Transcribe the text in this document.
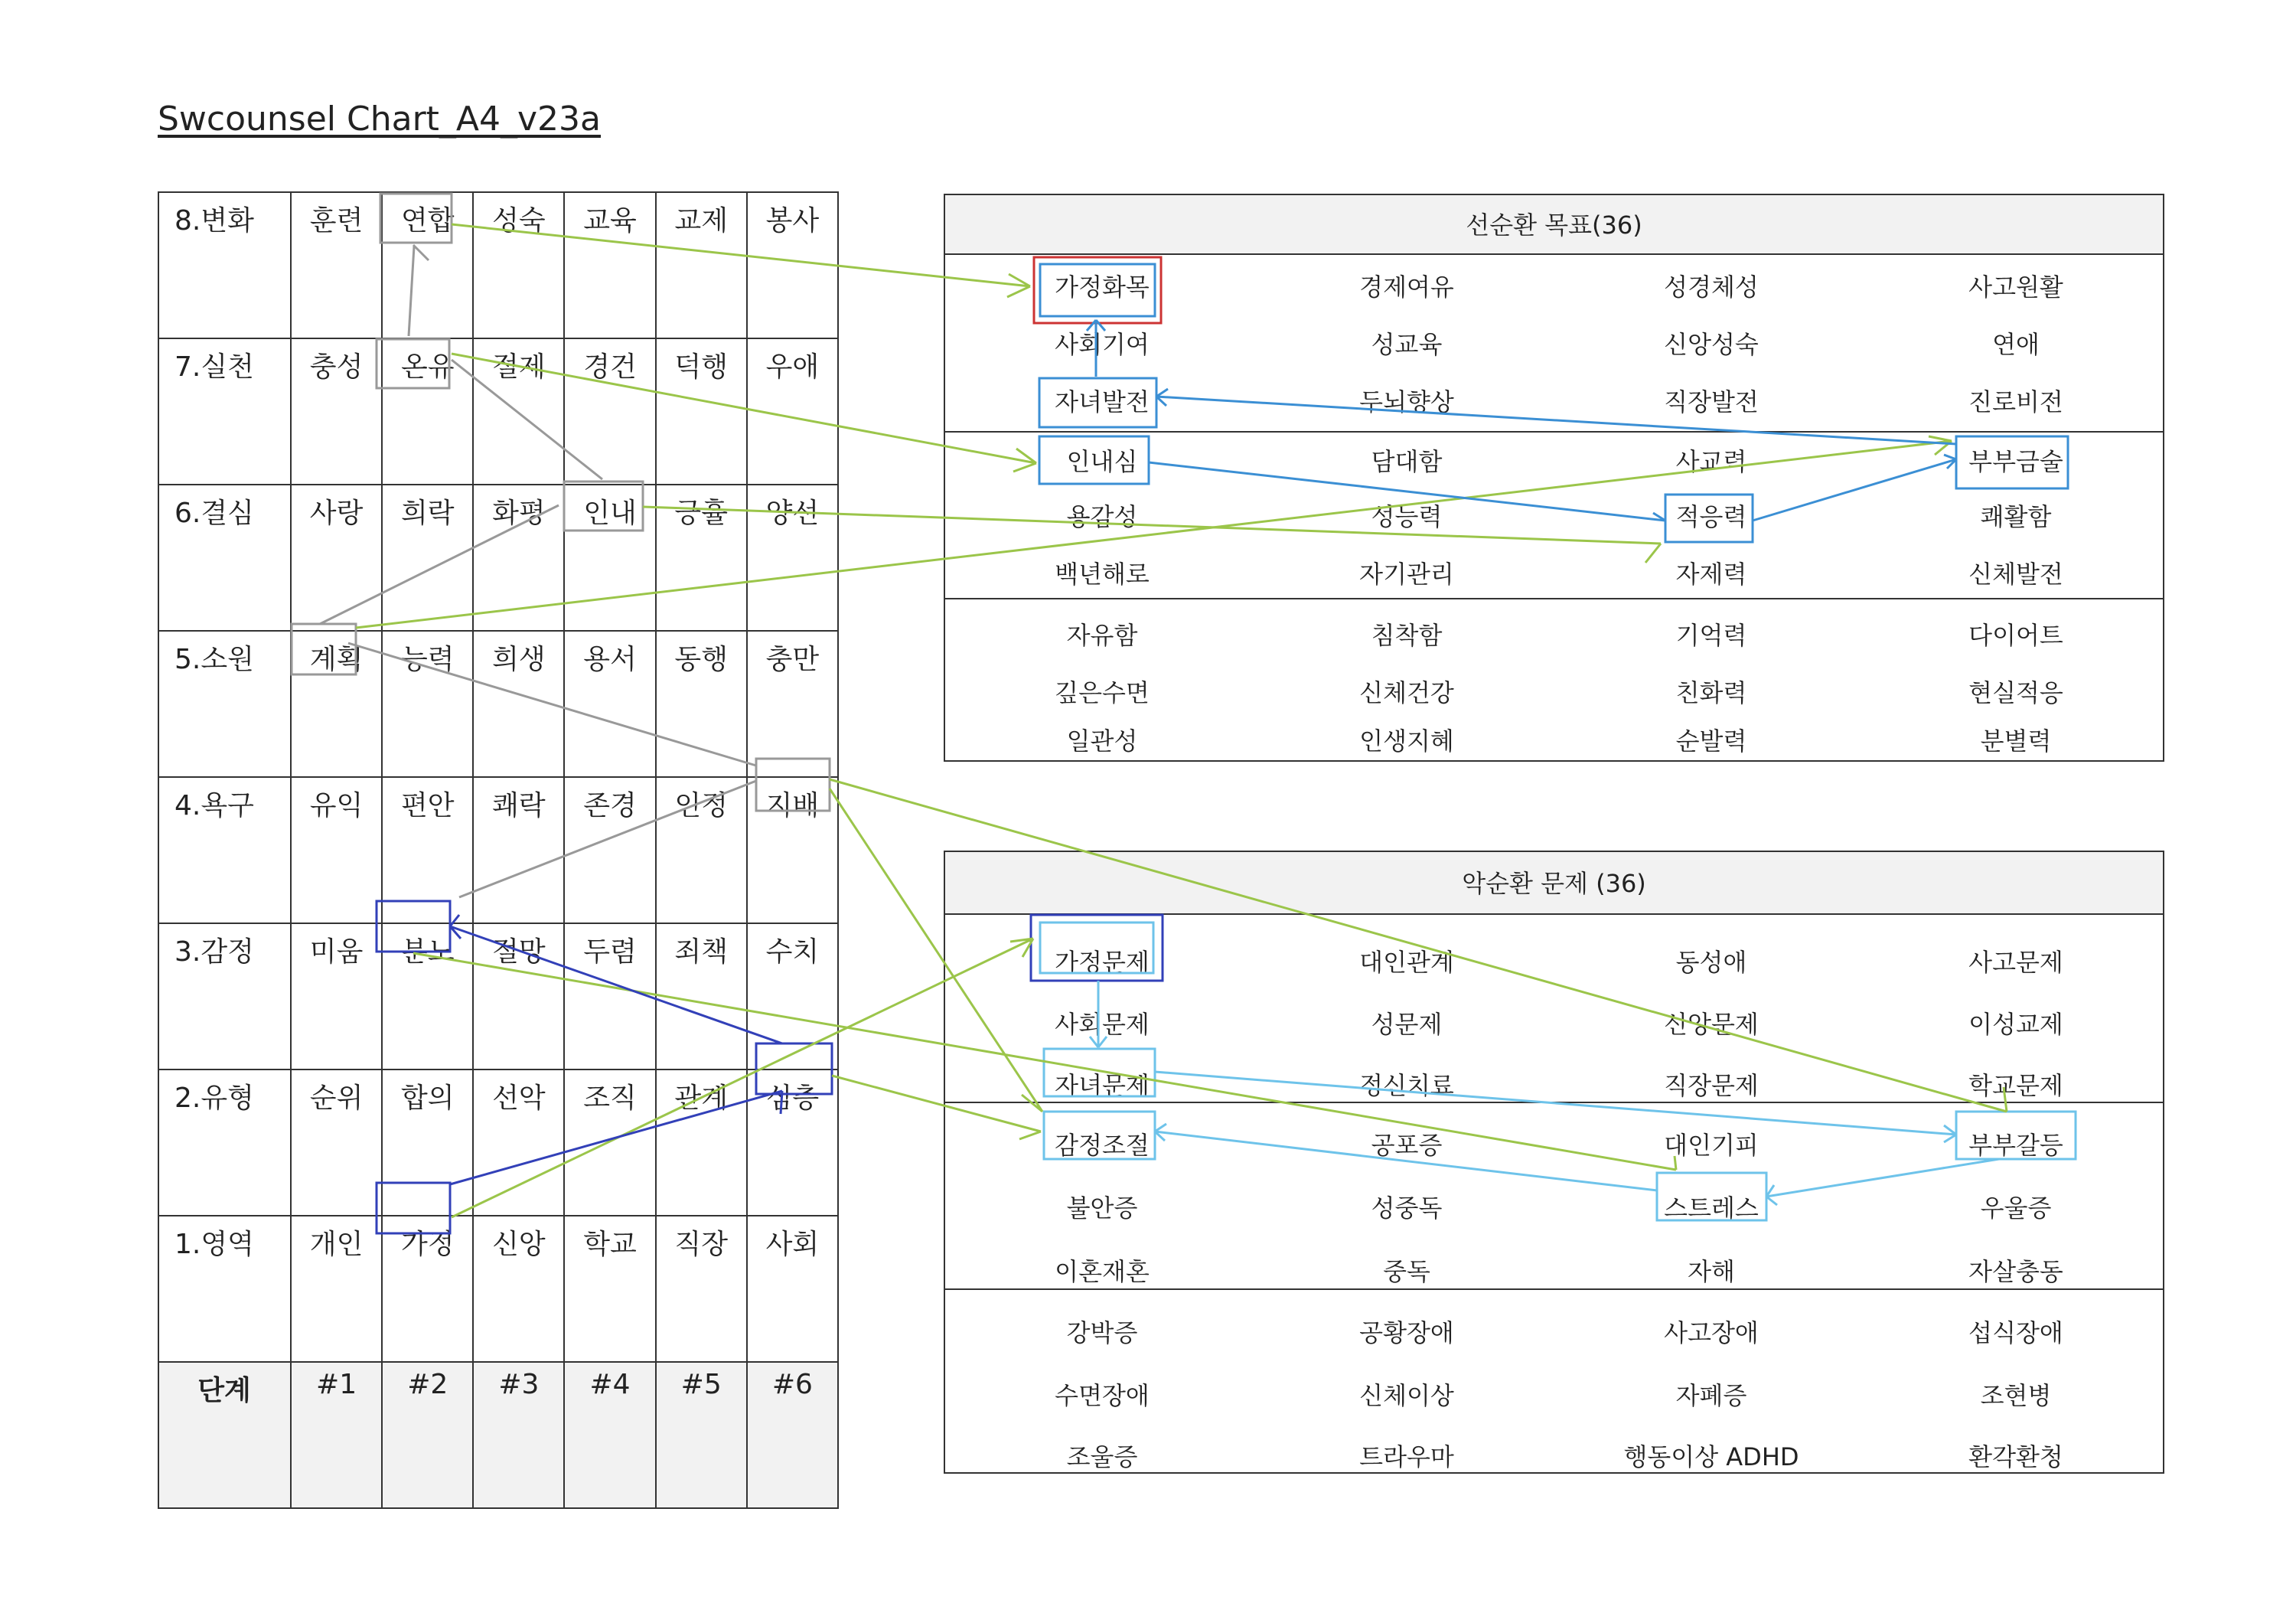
Swcounsel Chart_A4_v23a
8.변화	훈련	연합	성숙	교육	교제	봉사
7.실천	충성	온유	절제	경건	덕행	우애
6.결심	사랑	희락	화평	인내	긍휼	양선
5.소원	계획	능력	희생	용서	동행	충만
4.욕구	유익	편안	쾌락	존경	인정	지배
3.감정	미움	분노	절망	두렴	죄책	수치
2.유형	순위	합의	선악	조직	관계	심층
1.영역	개인	가정	신앙	학교	직장	사회
단계	#1	#2	#3	#4	#5	#6
선순환 목표(36)
가정화목	경제여유	성경체성	사고원활
사회기여	성교육	신앙성숙	연애
자녀발전	두뇌향상	직장발전	진로비전
인내심	담대함	사교력	부부금술
용감성	성능력	적응력	쾌활함
백년해로	자기관리	자제력	신체발전
자유함	침착함	기억력	다이어트
깊은수면	신체건강	친화력	현실적응
일관성	인생지혜	순발력	분별력
악순환 문제 (36)
가정문제	대인관계	동성애	사고문제
사회문제	성문제	신앙문제	이성교제
자녀문제	정신치료	직장문제	학교문제
감정조절	공포증	대인기피	부부갈등
불안증	성중독	스트레스	우울증
이혼재혼	중독	자해	자살충동
강박증	공황장애	사고장애	섭식장애
수면장애	신체이상	자폐증	조현병
조울증	트라우마	행동이상 ADHD	환각환청
